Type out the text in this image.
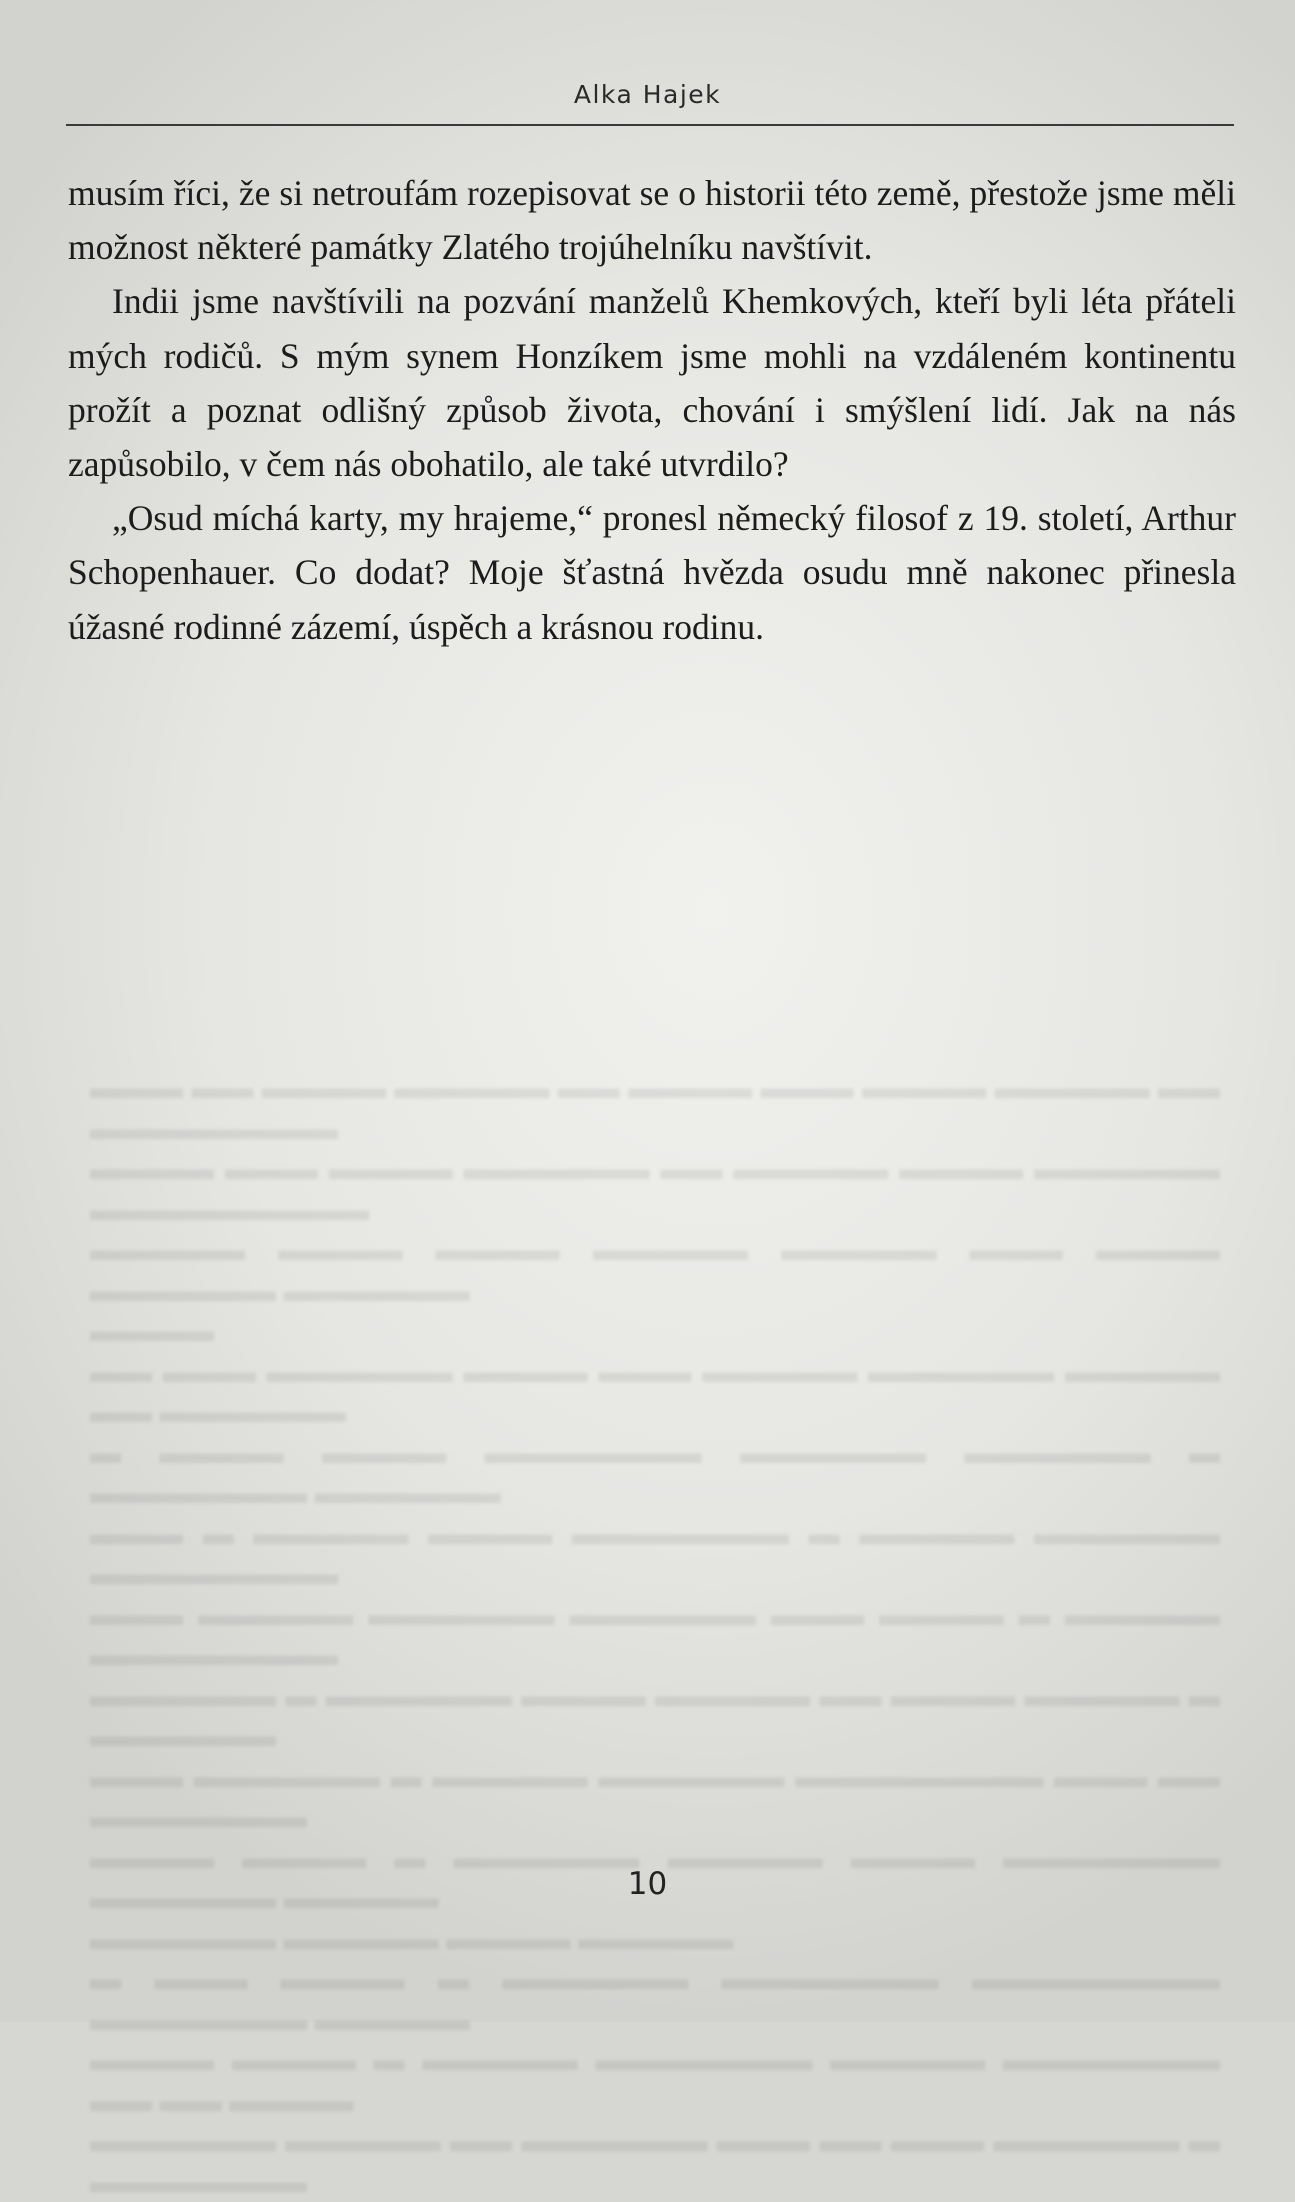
Alka Hajek

musím říci, že si netroufám rozepisovat se o historii této země, přestože jsme měli možnost některé památky Zlatého trojúhelníku navštívit.

Indii jsme navštívili na pozvání manželů Khemkových, kteří byli léta přáteli mých rodičů. S mým synem Honzíkem jsme mohli na vzdáleném kontinentu prožít a poznat odlišný způsob života, chování i smýšlení lidí. Jak na nás zapůsobilo, v čem nás obohatilo, ale také utvrdilo?

„Osud míchá karty, my hrajeme,“ pronesl německý filosof z 19. století, Arthur Schopenhauer. Co dodat? Moje šťastná hvězda osudu mně nakonec přinesla úžasné rodinné zázemí, úspěch a krásnou rodinu.

▬▬▬ ▬▬ ▬▬▬▬ ▬▬▬▬▬ ▬▬ ▬▬▬▬ ▬▬▬ ▬▬▬▬ ▬▬▬▬▬ ▬▬ ▬▬▬▬▬▬▬▬

▬▬▬▬ ▬▬▬ ▬▬▬▬ ▬▬▬▬▬▬ ▬▬ ▬▬▬▬▬ ▬▬▬▬ ▬▬▬▬▬▬ ▬▬▬▬▬▬▬▬▬

▬▬▬▬▬ ▬▬▬▬ ▬▬▬▬ ▬▬▬▬▬ ▬▬▬▬▬ ▬▬▬ ▬▬▬▬ ▬▬▬▬▬▬ ▬▬▬▬▬▬

▬▬▬▬

▬▬ ▬▬▬ ▬▬▬▬▬▬ ▬▬▬▬ ▬▬▬ ▬▬▬▬▬ ▬▬▬▬▬▬ ▬▬▬▬▬ ▬▬ ▬▬▬▬▬▬

▬ ▬▬▬▬ ▬▬▬▬ ▬▬▬▬▬▬▬ ▬▬▬▬▬▬ ▬▬▬▬▬▬ ▬ ▬▬▬▬▬▬▬ ▬▬▬▬▬▬

▬▬▬ ▬ ▬▬▬▬▬ ▬▬▬▬ ▬▬▬▬▬▬▬ ▬ ▬▬▬▬▬ ▬▬▬▬▬▬ ▬▬▬▬▬▬▬▬

▬▬▬ ▬▬▬▬▬ ▬▬▬▬▬▬ ▬▬▬▬▬▬ ▬▬▬ ▬▬▬▬ ▬ ▬▬▬▬▬ ▬▬▬▬▬▬▬▬

▬▬▬▬▬▬ ▬ ▬▬▬▬▬▬ ▬▬▬▬ ▬▬▬▬▬ ▬▬ ▬▬▬▬ ▬▬▬▬▬ ▬ ▬▬▬▬▬▬

▬▬▬ ▬▬▬▬▬▬ ▬ ▬▬▬▬▬ ▬▬▬▬▬▬ ▬▬▬▬▬▬▬▬ ▬▬▬ ▬▬ ▬▬▬▬▬▬▬

▬▬▬▬ ▬▬▬▬ ▬ ▬▬▬▬▬▬ ▬▬▬▬▬ ▬▬▬▬ ▬▬▬▬▬▬▬ ▬▬▬▬▬▬ ▬▬▬▬▬

▬▬▬▬▬▬ ▬▬▬▬▬ ▬▬▬▬ ▬▬▬▬▬

▬ ▬▬▬ ▬▬▬▬ ▬ ▬▬▬▬▬▬ ▬▬▬▬▬▬▬ ▬▬▬▬▬▬▬▬ ▬▬▬▬▬▬▬ ▬▬▬▬▬

▬▬▬▬ ▬▬▬▬ ▬ ▬▬▬▬▬ ▬▬▬▬▬▬▬ ▬▬▬▬▬ ▬▬▬▬▬▬▬ ▬▬ ▬▬ ▬▬▬▬

▬▬▬▬▬▬ ▬▬▬▬▬ ▬▬ ▬▬▬▬▬▬ ▬▬▬ ▬▬ ▬▬▬ ▬▬▬▬▬▬ ▬ ▬▬▬▬▬▬▬

10
